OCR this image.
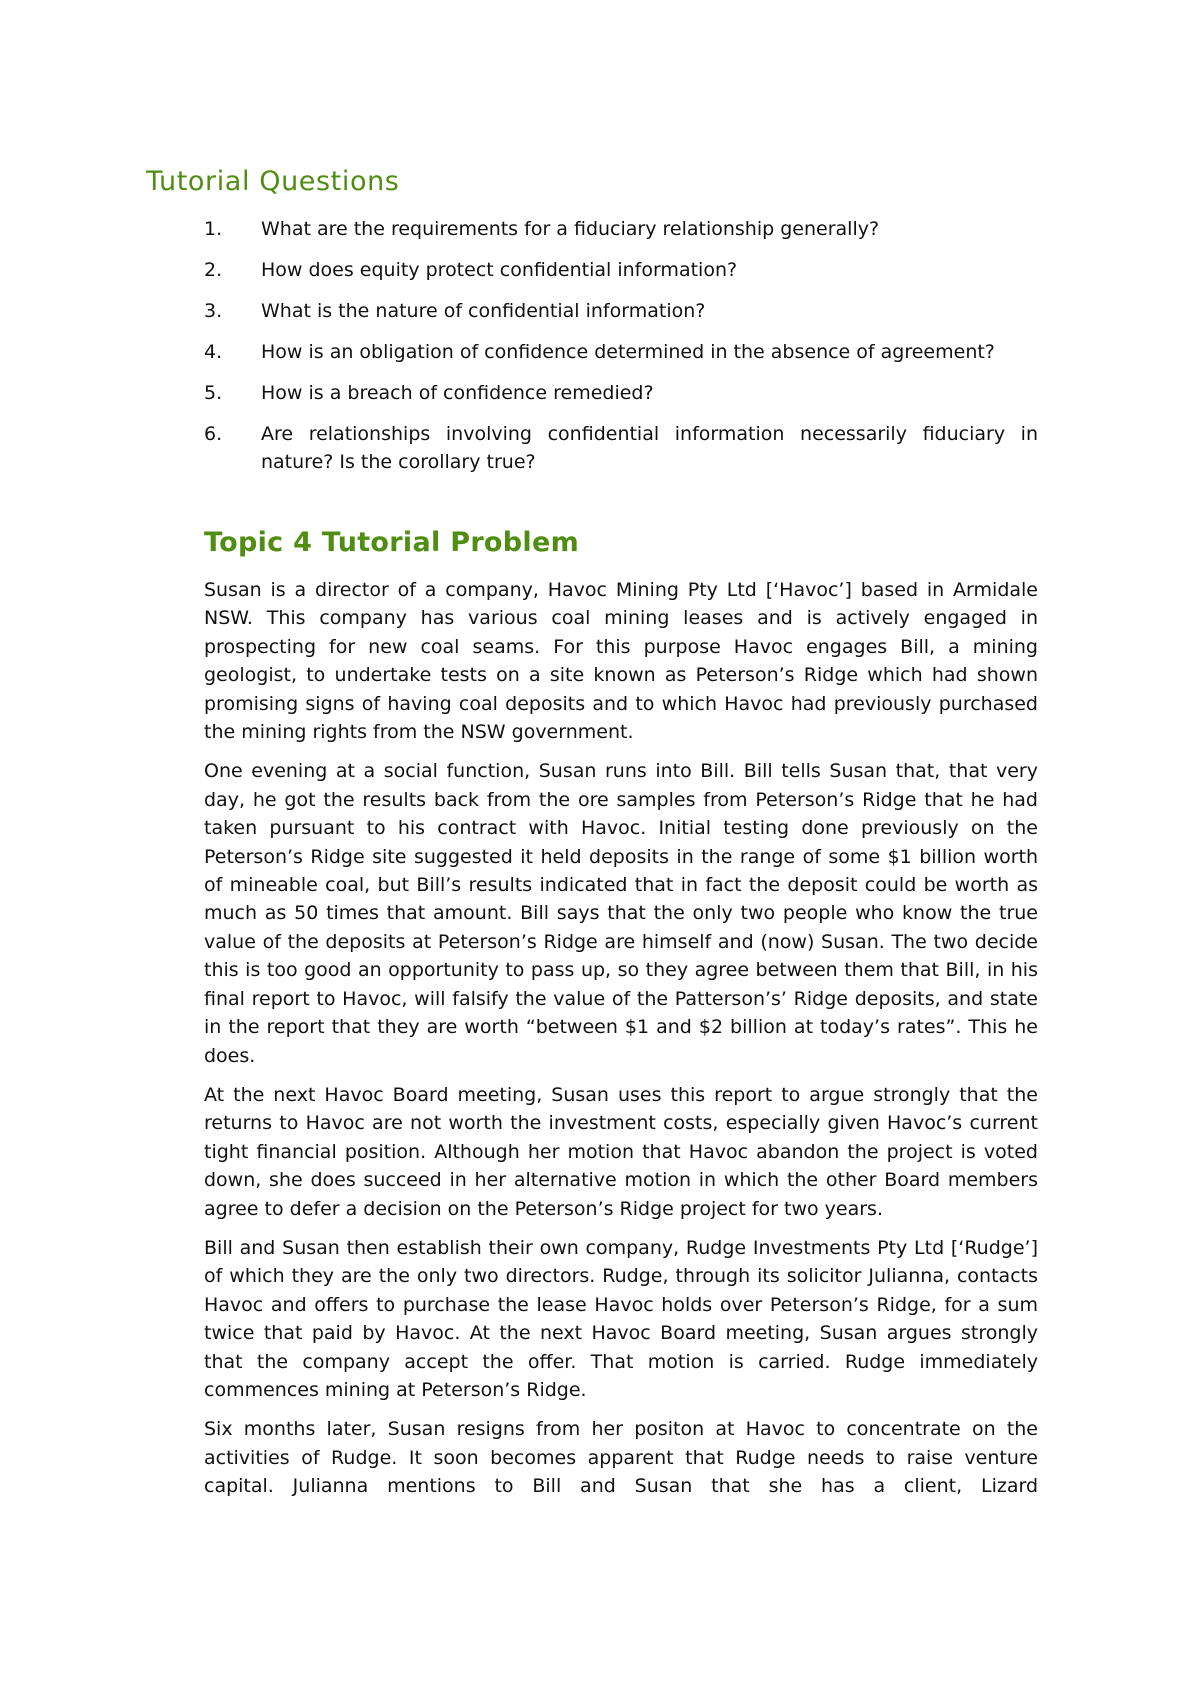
Tutorial Questions
1. What are the requirements for a fiduciary relationship generally?
2. How does equity protect confidential information?
3. What is the nature of confidential information?
4. How is an obligation of confidence determined in the absence of agreement?
5. How is a breach of confidence remedied?
6. Are relationships involving confidential information necessarily fiduciary in nature? Is the corollary true?
Topic 4 Tutorial Problem

Susan is a director of a company, Havoc Mining Pty Ltd [‘Havoc’] based in Armidale NSW. This company has various coal mining leases and is actively engaged in prospecting for new coal seams. For this purpose Havoc engages Bill, a mining geologist, to undertake tests on a site known as Peterson’s Ridge which had shown promising signs of having coal deposits and to which Havoc had previously purchased the mining rights from the NSW government.

One evening at a social function, Susan runs into Bill. Bill tells Susan that, that very day, he got the results back from the ore samples from Peterson’s Ridge that he had taken pursuant to his contract with Havoc. Initial testing done previously on the Peterson’s Ridge site suggested it held deposits in the range of some $1 billion worth of mineable coal, but Bill’s results indicated that in fact the deposit could be worth as much as 50 times that amount. Bill says that the only two people who know the true value of the deposits at Peterson’s Ridge are himself and (now) Susan. The two decide this is too good an opportunity to pass up, so they agree between them that Bill, in his final report to Havoc, will falsify the value of the Patterson’s’ Ridge deposits, and state in the report that they are worth “between $1 and $2 billion at today’s rates”. This he does.

At the next Havoc Board meeting, Susan uses this report to argue strongly that the returns to Havoc are not worth the investment costs, especially given Havoc’s current tight financial position. Although her motion that Havoc abandon the project is voted down, she does succeed in her alternative motion in which the other Board members agree to defer a decision on the Peterson’s Ridge project for two years.

Bill and Susan then establish their own company, Rudge Investments Pty Ltd [‘Rudge’] of which they are the only two directors. Rudge, through its solicitor Julianna, contacts Havoc and offers to purchase the lease Havoc holds over Peterson’s Ridge, for a sum twice that paid by Havoc. At the next Havoc Board meeting, Susan argues strongly that the company accept the offer. That motion is carried. Rudge immediately commences mining at Peterson’s Ridge.

Six months later, Susan resigns from her positon at Havoc to concentrate on the activities of Rudge. It soon becomes apparent that Rudge needs to raise venture capital. Julianna mentions to Bill and Susan that she has a client, Lizard
